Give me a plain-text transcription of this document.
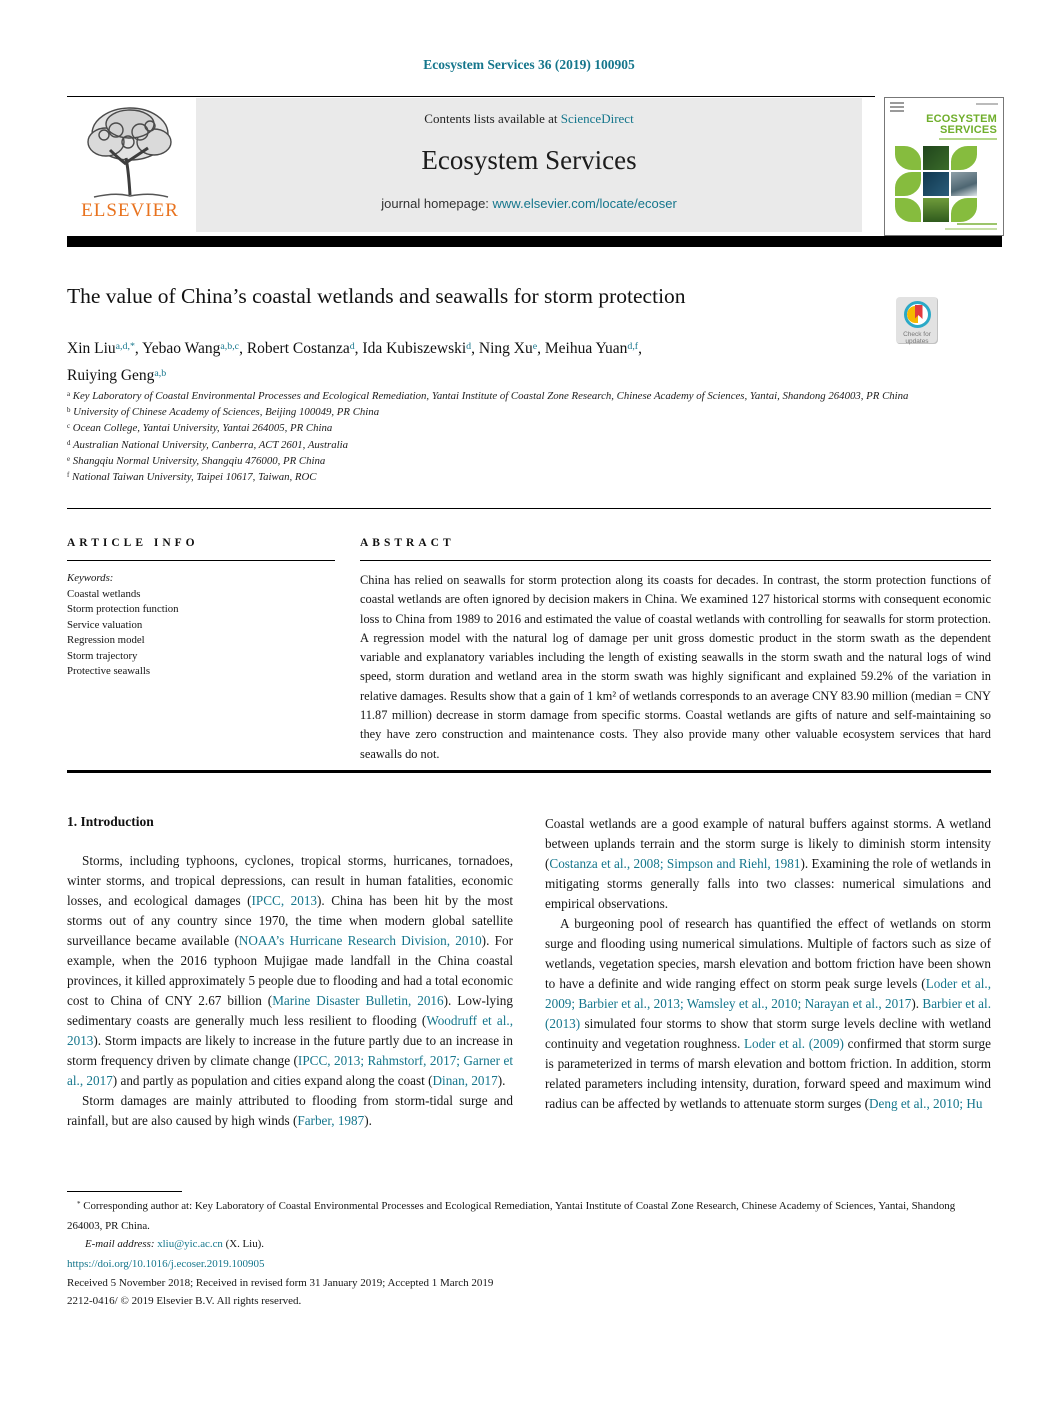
Ecosystem Services 36 (2019) 100905
ELSEVIER
Contents lists available at ScienceDirect
Ecosystem Services
journal homepage: www.elsevier.com/locate/ecoser
ECOSYSTEM
SERVICES
The value of China’s coastal wetlands and seawalls for storm protection
Check for updates
Xin Liu$^{a,d,*}$, Yebao Wang$^{a,b,c}$, Robert Costanza$^d$, Ida Kubiszewski$^d$, Ning Xu$^e$, Meihua Yuan$^{d,f}$,
Ruiying Geng$^{a,b}$
$^a$ Key Laboratory of Coastal Environmental Processes and Ecological Remediation, Yantai Institute of Coastal Zone Research, Chinese Academy of Sciences, Yantai, Shandong 264003, PR China
$^b$ University of Chinese Academy of Sciences, Beijing 100049, PR China
$^c$ Ocean College, Yantai University, Yantai 264005, PR China
$^d$ Australian National University, Canberra, ACT 2601, Australia
$^e$ Shangqiu Normal University, Shangqiu 476000, PR China
$^f$ National Taiwan University, Taipei 10617, Taiwan, ROC
ARTICLE INFO
Keywords:
Coastal wetlands
Storm protection function
Service valuation
Regression model
Storm trajectory
Protective seawalls
ABSTRACT
China has relied on seawalls for storm protection along its coasts for decades. In contrast, the storm protection functions of coastal wetlands are often ignored by decision makers in China. We examined 127 historical storms with consequent economic loss to China from 1989 to 2016 and estimated the value of coastal wetlands with controlling for seawalls for storm protection. A regression model with the natural log of damage per unit gross domestic product in the storm swath as the dependent variable and explanatory variables including the length of existing seawalls in the storm swath and the natural logs of wind speed, storm duration and wetland area in the storm swath was highly significant and explained 59.2% of the variation in relative damages. Results show that a gain of 1 km² of wetlands corresponds to an average CNY 83.90 million (median = CNY 11.87 million) decrease in storm damage from specific storms. Coastal wetlands are gifts of nature and self-maintaining so they have zero construction and maintenance costs. They also provide many other valuable ecosystem services that hard seawalls do not.
1. Introduction

Storms, including typhoons, cyclones, tropical storms, hurricanes, tornadoes, winter storms, and tropical depressions, can result in human fatalities, economic losses, and ecological damages (IPCC, 2013). China has been hit by the most storms out of any country since 1970, the time when modern global satellite surveillance became available (NOAA’s Hurricane Research Division, 2010). For example, when the 2016 typhoon Mujigae made landfall in the China coastal provinces, it killed approximately 5 people due to flooding and had a total economic cost to China of CNY 2.67 billion (Marine Disaster Bulletin, 2016). Low-lying sedimentary coasts are generally much less resilient to flooding (Woodruff et al., 2013). Storm impacts are likely to increase in the future partly due to an increase in storm frequency driven by climate change (IPCC, 2013; Rahmstorf, 2017; Garner et al., 2017) and partly as population and cities expand along the coast (Dinan, 2017).

Storm damages are mainly attributed to flooding from storm-tidal surge and rainfall, but are also caused by high winds (Farber, 1987).

Coastal wetlands are a good example of natural buffers against storms. A wetland between uplands terrain and the storm surge is likely to diminish storm intensity (Costanza et al., 2008; Simpson and Riehl, 1981). Examining the role of wetlands in mitigating storms generally falls into two classes: numerical simulations and empirical observations.

A burgeoning pool of research has quantified the effect of wetlands on storm surge and flooding using numerical simulations. Multiple of factors such as size of wetlands, vegetation species, marsh elevation and bottom friction have been shown to have a definite and wide ranging effect on storm peak surge levels (Loder et al., 2009; Barbier et al., 2013; Wamsley et al., 2010; Narayan et al., 2017). Barbier et al. (2013) simulated four storms to show that storm surge levels decline with wetland continuity and vegetation roughness. Loder et al. (2009) confirmed that storm surge is parameterized in terms of marsh elevation and bottom friction. In addition, storm related parameters including intensity, duration, forward speed and maximum wind radius can be affected by wetlands to attenuate storm surges (Deng et al., 2010; Hu

* Corresponding author at: Key Laboratory of Coastal Environmental Processes and Ecological Remediation, Yantai Institute of Coastal Zone Research, Chinese Academy of Sciences, Yantai, Shandong 264003, PR China.
E-mail address: xliu@yic.ac.cn (X. Liu).
https://doi.org/10.1016/j.ecoser.2019.100905
Received 5 November 2018; Received in revised form 31 January 2019; Accepted 1 March 2019
2212-0416/ © 2019 Elsevier B.V. All rights reserved.
